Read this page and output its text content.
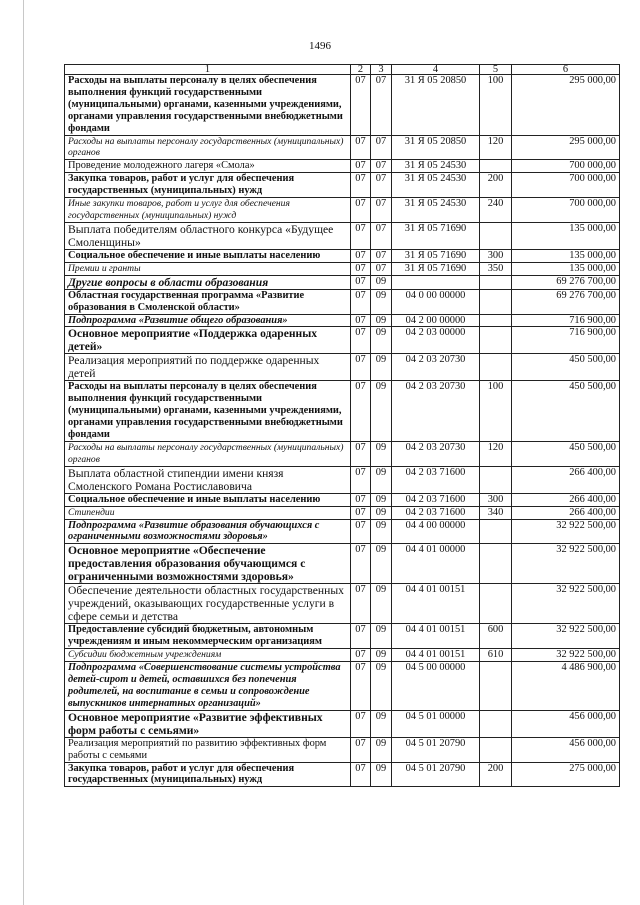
1496
1	2	3	4	5	6
Расходы на выплаты персоналу в целях обеспечения выполнения функций государственными (муниципальными) органами, казенными учреждениями, органами управления государственными внебюджетными фондами	07	07	31 Я 05 20850	100	295 000,00
Расходы на выплаты персоналу государственных (муниципальных) органов	07	07	31 Я 05 20850	120	295 000,00
Проведение молодежного лагеря «Смола»	07	07	31 Я 05 24530		700 000,00
Закупка товаров, работ и услуг для обеспечения государственных (муниципальных) нужд	07	07	31 Я 05 24530	200	700 000,00
Иные закупки товаров, работ и услуг для обеспечения государственных (муниципальных) нужд	07	07	31 Я 05 24530	240	700 000,00
Выплата победителям областного конкурса «Будущее Смоленщины»	07	07	31 Я 05 71690		135 000,00
Социальное обеспечение и иные выплаты населению	07	07	31 Я 05 71690	300	135 000,00
Премии и гранты	07	07	31 Я 05 71690	350	135 000,00
Другие вопросы в области образования	07	09			69 276 700,00
Областная государственная программа «Развитие образования в Смоленской области»	07	09	04 0 00 00000		69 276 700,00
Подпрограмма «Развитие общего образования»	07	09	04 2 00 00000		716 900,00
Основное мероприятие «Поддержка одаренных детей»	07	09	04 2 03 00000		716 900,00
Реализация мероприятий по поддержке одаренных детей	07	09	04 2 03 20730		450 500,00
Расходы на выплаты персоналу в целях обеспечения выполнения функций государственными (муниципальными) органами, казенными учреждениями, органами управления государственными внебюджетными фондами	07	09	04 2 03 20730	100	450 500,00
Расходы на выплаты персоналу государственных (муниципальных) органов	07	09	04 2 03 20730	120	450 500,00
Выплата областной стипендии имени князя Смоленского Романа Ростиславовича	07	09	04 2 03 71600		266 400,00
Социальное обеспечение и иные выплаты населению	07	09	04 2 03 71600	300	266 400,00
Стипендии	07	09	04 2 03 71600	340	266 400,00
Подпрограмма «Развитие образования обучающихся с ограниченными возможностями здоровья»	07	09	04 4 00 00000		32 922 500,00
Основное мероприятие «Обеспечение предоставления образования обучающимся с ограниченными возможностями здоровья»	07	09	04 4 01 00000		32 922 500,00
Обеспечение деятельности областных государственных учреждений, оказывающих государственные услуги в сфере семьи и детства	07	09	04 4 01 00151		32 922 500,00
Предоставление субсидий бюджетным, автономным учреждениям и иным некоммерческим организациям	07	09	04 4 01 00151	600	32 922 500,00
Субсидии бюджетным учреждениям	07	09	04 4 01 00151	610	32 922 500,00
Подпрограмма «Совершенствование системы устройства детей-сирот и детей, оставшихся без попечения родителей, на воспитание в семьи и сопровождение выпускников интернатных организаций»	07	09	04 5 00 00000		4 486 900,00
Основное мероприятие «Развитие эффективных форм работы с семьями»	07	09	04 5 01 00000		456 000,00
Реализация мероприятий по развитию эффективных форм работы с семьями	07	09	04 5 01 20790		456 000,00
Закупка товаров, работ и услуг для обеспечения государственных (муниципальных) нужд	07	09	04 5 01 20790	200	275 000,00
